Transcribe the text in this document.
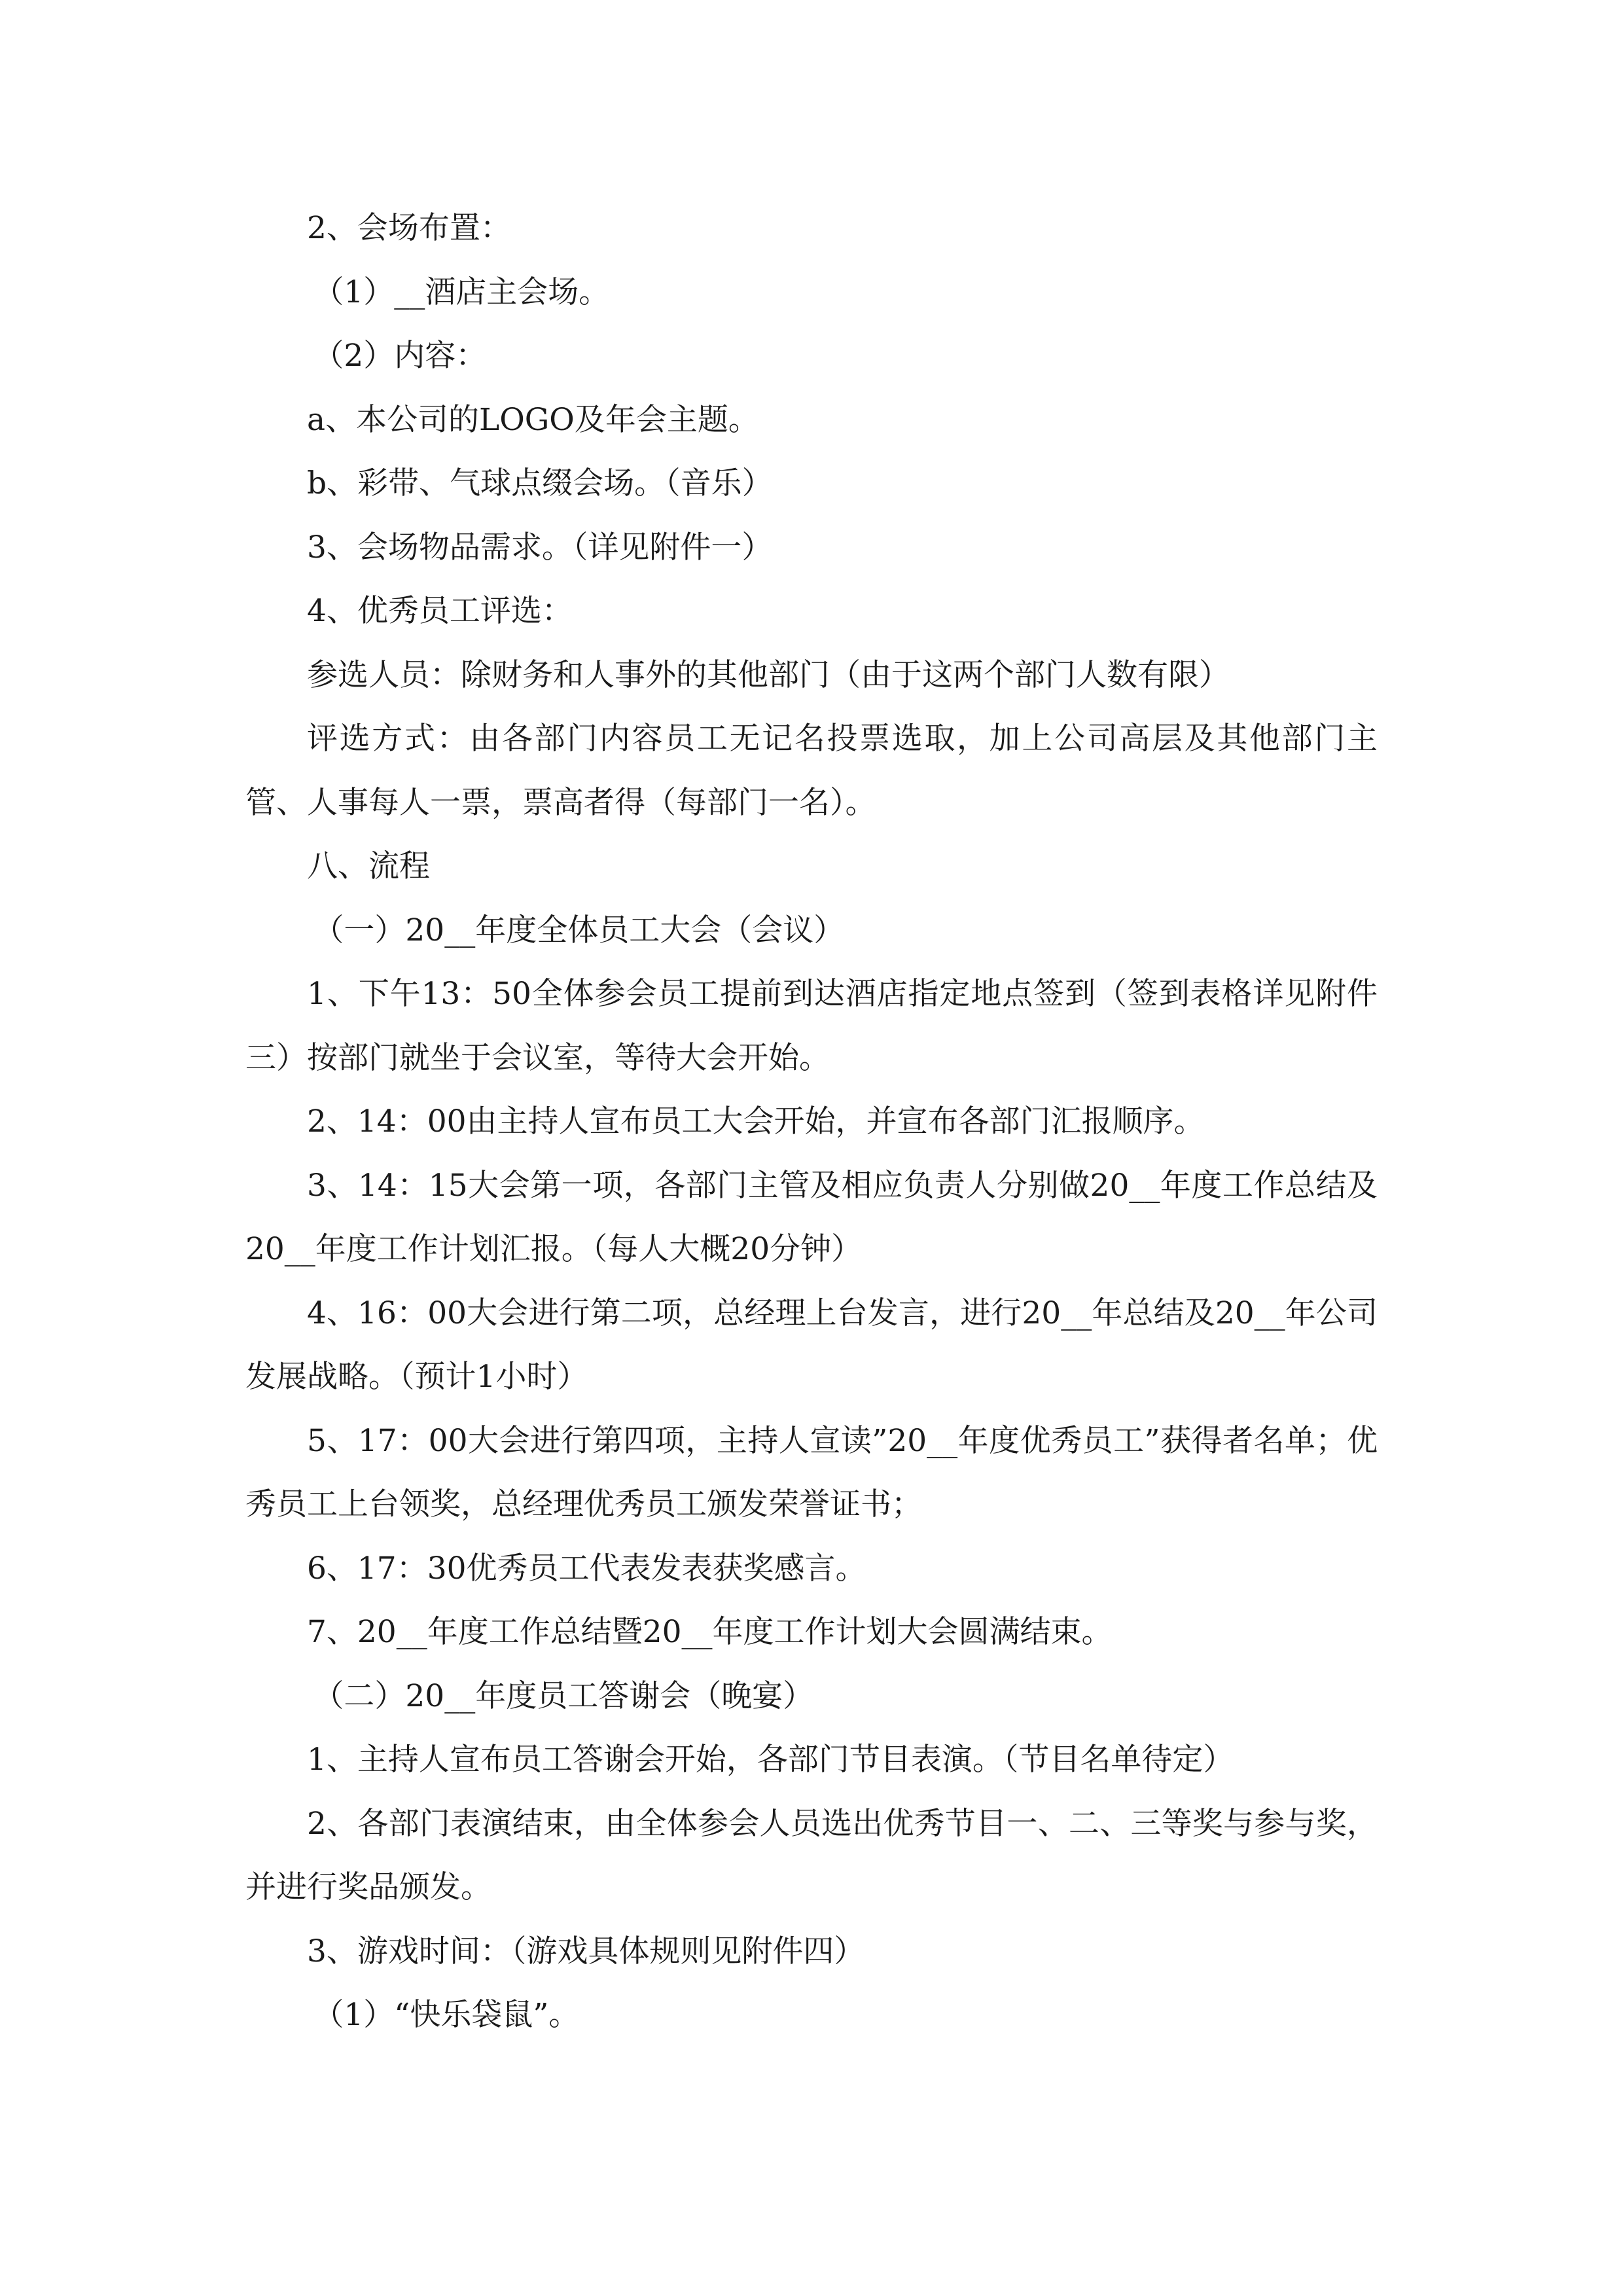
2、会场布置：

（1）__酒店主会场。

（2）内容：

a、本公司的LOGO及年会主题。

b、彩带、气球点缀会场。（音乐）

3、会场物品需求。（详见附件一）

4、优秀员工评选：

参选人员：除财务和人事外的其他部门（由于这两个部门人数有限）

评选方式：由各部门内容员工无记名投票选取，加上公司高层及其他部门主管、人事每人一票，票高者得（每部门一名）。

八、流程

（一）20__年度全体员工大会（会议）

1、下午13：50全体参会员工提前到达酒店指定地点签到（签到表格详见附件三）按部门就坐于会议室，等待大会开始。

2、14：00由主持人宣布员工大会开始，并宣布各部门汇报顺序。

3、14：15大会第一项，各部门主管及相应负责人分别做20__年度工作总结及20__年度工作计划汇报。（每人大概20分钟）

4、16：00大会进行第二项，总经理上台发言，进行20__年总结及20__年公司发展战略。（预计1小时）

5、17：00大会进行第四项，主持人宣读”20__年度优秀员工”获得者名单；优秀员工上台领奖，总经理优秀员工颁发荣誉证书；

6、17：30优秀员工代表发表获奖感言。

7、20__年度工作总结暨20__年度工作计划大会圆满结束。

（二）20__年度员工答谢会（晚宴）

1、主持人宣布员工答谢会开始，各部门节目表演。（节目名单待定）

2、各部门表演结束，由全体参会人员选出优秀节目一、二、三等奖与参与奖，并进行奖品颁发。

3、游戏时间：（游戏具体规则见附件四）

（1）“快乐袋鼠”。
